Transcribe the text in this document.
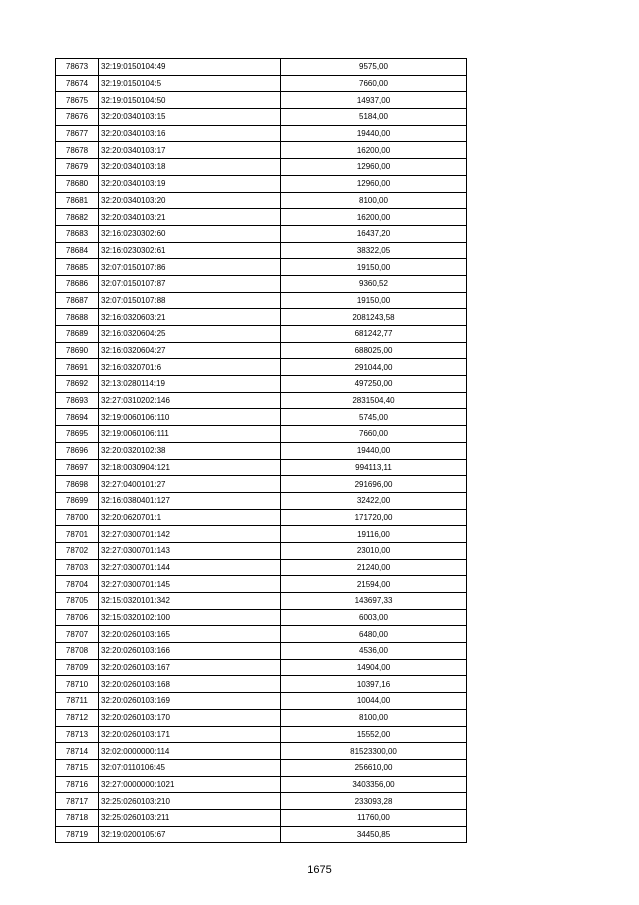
78673	32:19:0150104:49	9575,00
78674	32:19:0150104:5	7660,00
78675	32:19:0150104:50	14937,00
78676	32:20:0340103:15	5184,00
78677	32:20:0340103:16	19440,00
78678	32:20:0340103:17	16200,00
78679	32:20:0340103:18	12960,00
78680	32:20:0340103:19	12960,00
78681	32:20:0340103:20	8100,00
78682	32:20:0340103:21	16200,00
78683	32:16:0230302:60	16437,20
78684	32:16:0230302:61	38322,05
78685	32:07:0150107:86	19150,00
78686	32:07:0150107:87	9360,52
78687	32:07:0150107:88	19150,00
78688	32:16:0320603:21	2081243,58
78689	32:16:0320604:25	681242,77
78690	32:16:0320604:27	688025,00
78691	32:16:0320701:6	291044,00
78692	32:13:0280114:19	497250,00
78693	32:27:0310202:146	2831504,40
78694	32:19:0060106:110	5745,00
78695	32:19:0060106:111	7660,00
78696	32:20:0320102:38	19440,00
78697	32:18:0030904:121	994113,11
78698	32:27:0400101:27	291696,00
78699	32:16:0380401:127	32422,00
78700	32:20:0620701:1	171720,00
78701	32:27:0300701:142	19116,00
78702	32:27:0300701:143	23010,00
78703	32:27:0300701:144	21240,00
78704	32:27:0300701:145	21594,00
78705	32:15:0320101:342	143697,33
78706	32:15:0320102:100	6003,00
78707	32:20:0260103:165	6480,00
78708	32:20:0260103:166	4536,00
78709	32:20:0260103:167	14904,00
78710	32:20:0260103:168	10397,16
78711	32:20:0260103:169	10044,00
78712	32:20:0260103:170	8100,00
78713	32:20:0260103:171	15552,00
78714	32:02:0000000:114	81523300,00
78715	32:07:0110106:45	256610,00
78716	32:27:0000000:1021	3403356,00
78717	32:25:0260103:210	233093,28
78718	32:25:0260103:211	11760,00
78719	32:19:0200105:67	34450,85
1675
